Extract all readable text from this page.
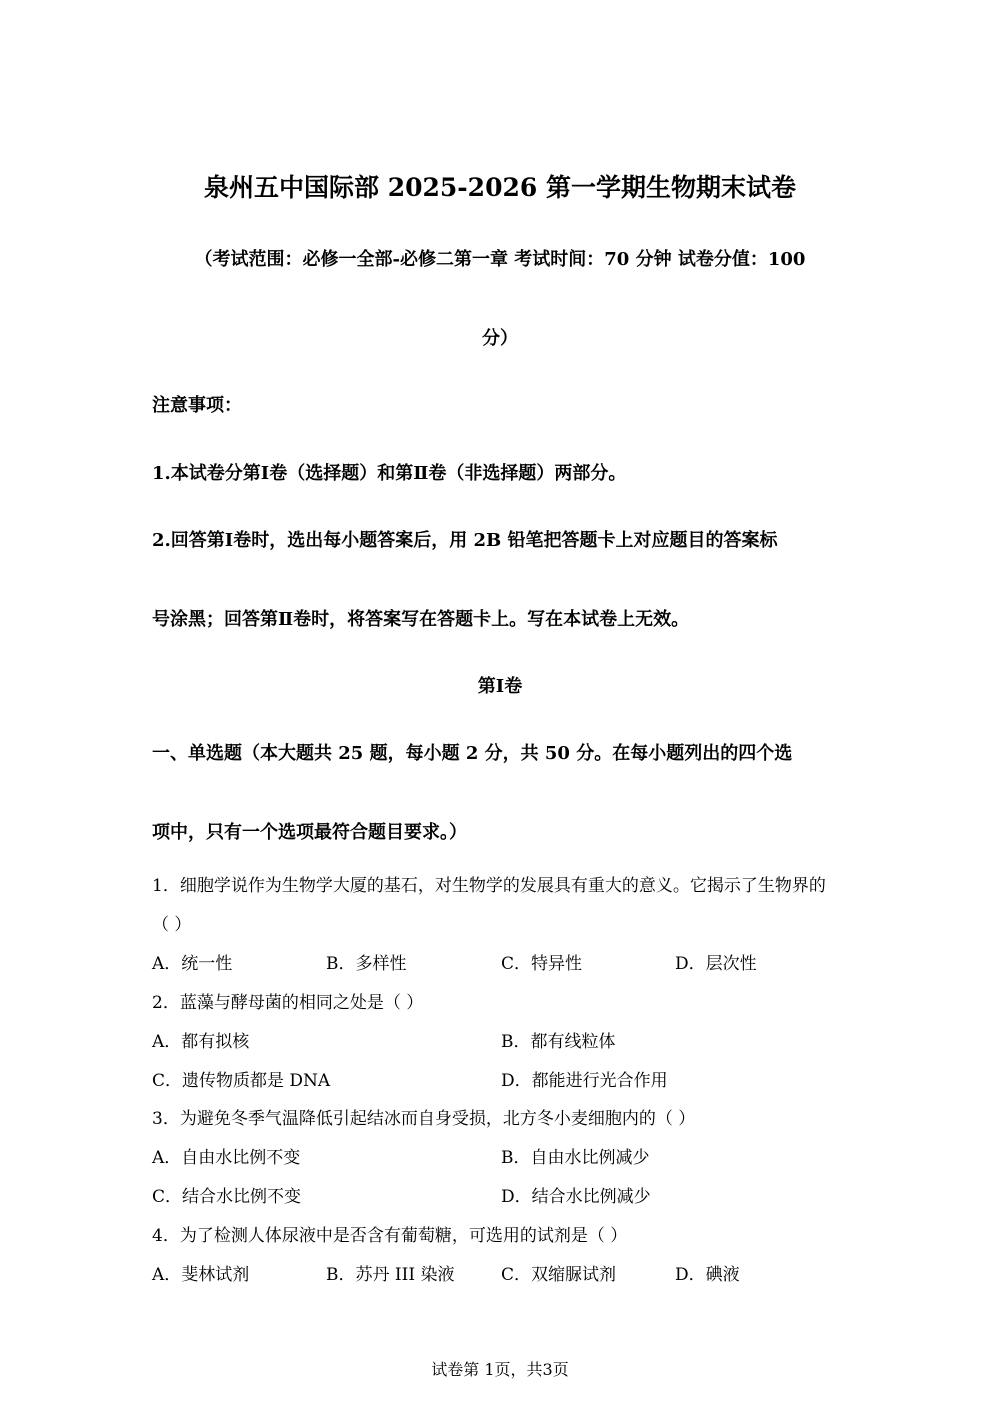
泉州五中国际部 2025-2026 第一学期生物期末试卷
（考试范围：必修一全部-必修二第一章 考试时间：70 分钟 试卷分值：100
分）
注意事项：
1.本试卷分第Ⅰ卷（选择题）和第Ⅱ卷（非选择题）两部分。
2.回答第Ⅰ卷时，选出每小题答案后，用 2B 铅笔把答题卡上对应题目的答案标
号涂黑；回答第Ⅱ卷时，将答案写在答题卡上。写在本试卷上无效。
第Ⅰ卷
一、单选题（本大题共 25 题，每小题 2 分，共 50 分。在每小题列出的四个选
项中，只有一个选项最符合题目要求。）
1．细胞学说作为生物学大厦的基石，对生物学的发展具有重大的意义。它揭示了生物界的
（ ）
A．统一性	B．多样性	C．特异性	D．层次性
2．蓝藻与酵母菌的相同之处是（ ）
A．都有拟核	B．都有线粒体
C．遗传物质都是 DNA	D．都能进行光合作用
3．为避免冬季气温降低引起结冰而自身受损，北方冬小麦细胞内的（ ）
A．自由水比例不变	B．自由水比例减少
C．结合水比例不变	D．结合水比例减少
4．为了检测人体尿液中是否含有葡萄糖，可选用的试剂是（ ）
A．斐林试剂	B．苏丹 III 染液	C．双缩脲试剂	D．碘液
试卷第 1页，共3页
